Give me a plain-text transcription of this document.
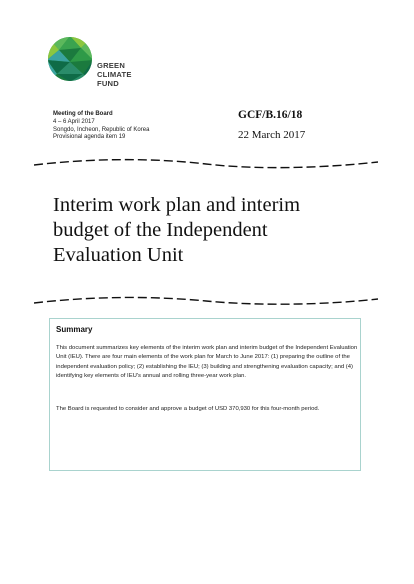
GREEN
CLIMATE
FUND
Meeting of the Board
4 – 6 April 2017
Songdo, Incheon, Republic of Korea
Provisional agenda item 19
GCF/B.16/18
22 March 2017
Interim work plan and interim
budget of the Independent
Evaluation Unit
Summary
This document summarizes key elements of the interim work plan and interim budget of the Independent Evaluation Unit (IEU). There are four main elements of the work plan for March to June 2017: (1) preparing the outline of the independent evaluation policy; (2) establishing the IEU; (3) building and strengthening evaluation capacity; and (4) identifying key elements of IEU's annual and rolling three-year work plan.
The Board is requested to consider and approve a budget of USD 370,930 for this four-month period.
